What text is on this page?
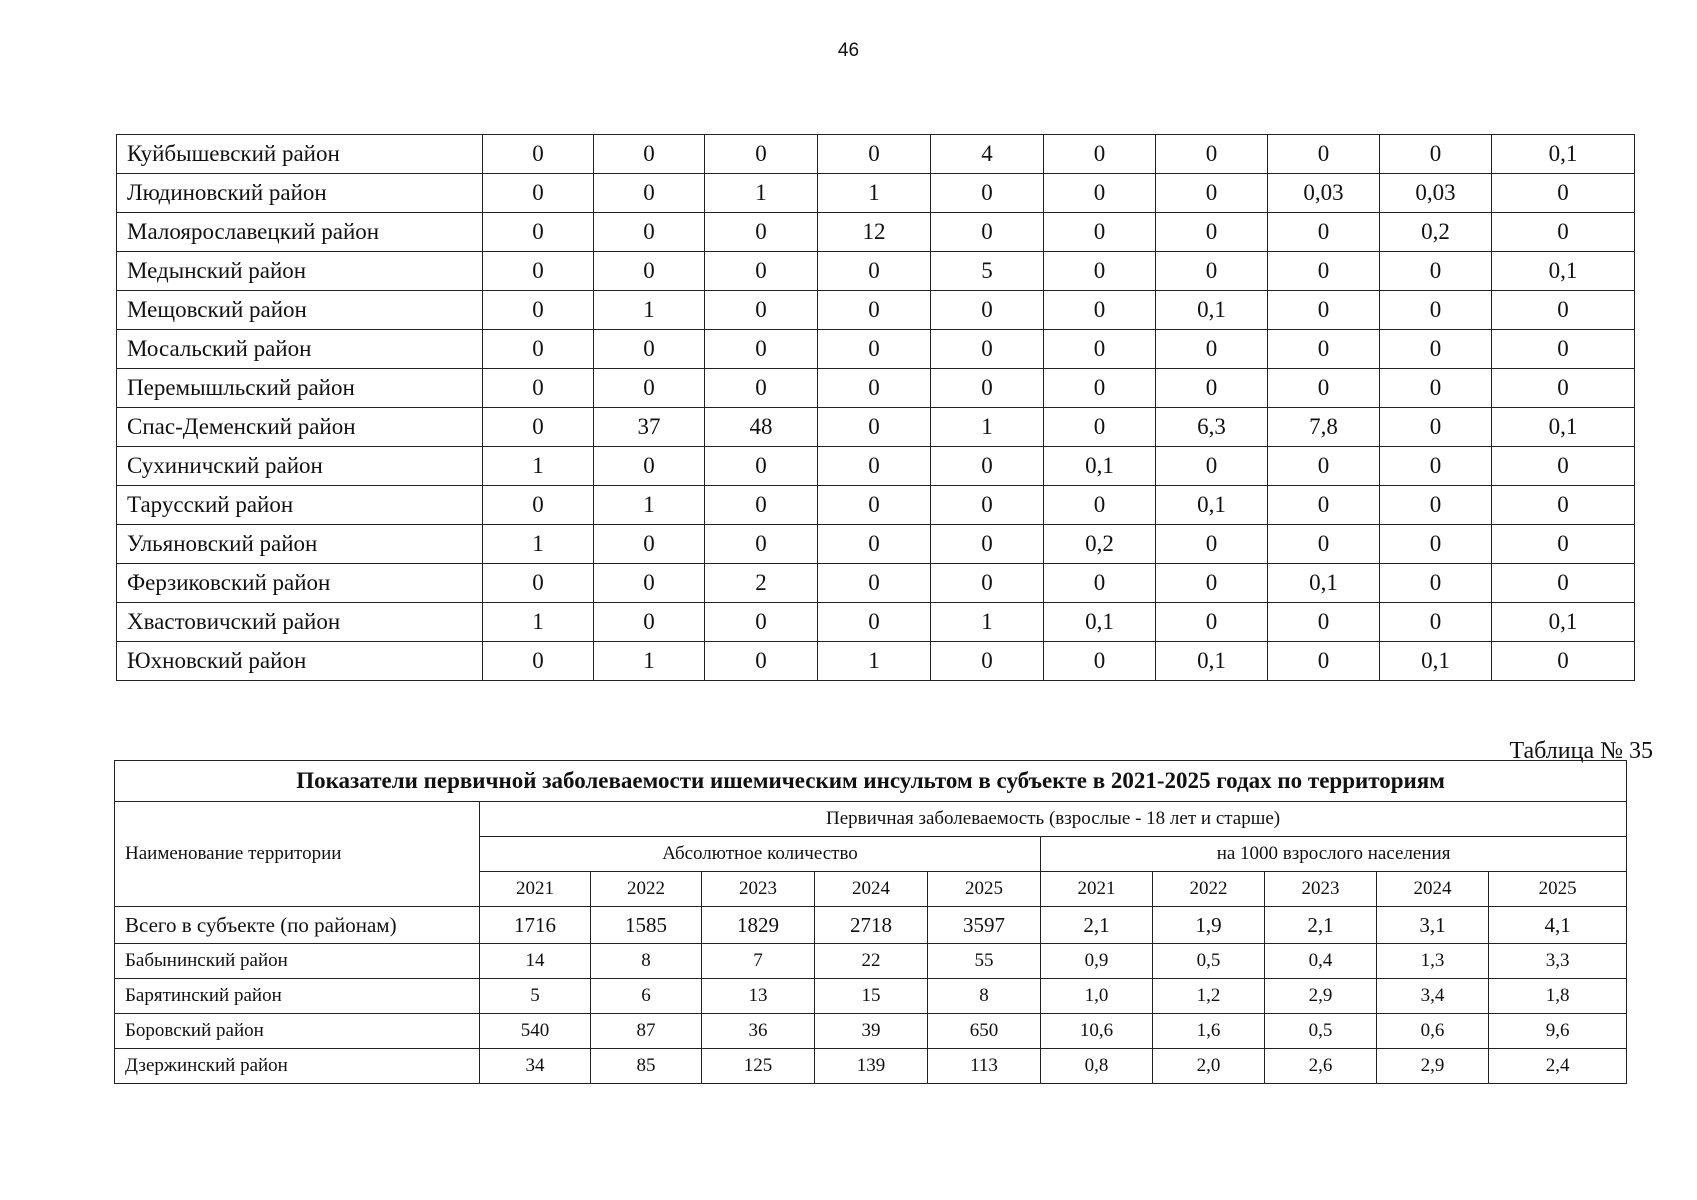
46
Куйбышевский район	0	0	0	0	4	0	0	0	0	0,1
Людиновский район	0	0	1	1	0	0	0	0,03	0,03	0
Малоярославецкий район	0	0	0	12	0	0	0	0	0,2	0
Медынский район	0	0	0	0	5	0	0	0	0	0,1
Мещовский район	0	1	0	0	0	0	0,1	0	0	0
Мосальский район	0	0	0	0	0	0	0	0	0	0
Перемышльский район	0	0	0	0	0	0	0	0	0	0
Спас-Деменский район	0	37	48	0	1	0	6,3	7,8	0	0,1
Сухиничский район	1	0	0	0	0	0,1	0	0	0	0
Тарусский район	0	1	0	0	0	0	0,1	0	0	0
Ульяновский район	1	0	0	0	0	0,2	0	0	0	0
Ферзиковский район	0	0	2	0	0	0	0	0,1	0	0
Хвастовичский район	1	0	0	0	1	0,1	0	0	0	0,1
Юхновский район	0	1	0	1	0	0	0,1	0	0,1	0
Таблица № 35
Показатели первичной заболеваемости ишемическим инсультом в субъекте в 2021-2025 годах по территориям										
Наименование территории	Первичная заболеваемость (взрослые - 18 лет и старше)									
	Абсолютное количество					на 1000 взрослого населения				
	2021	2022	2023	2024	2025	2021	2022	2023	2024	2025
Всего в субъекте (по районам)	1716	1585	1829	2718	3597	2,1	1,9	2,1	3,1	4,1
Бабынинский район	14	8	7	22	55	0,9	0,5	0,4	1,3	3,3
Барятинский район	5	6	13	15	8	1,0	1,2	2,9	3,4	1,8
Боровский район	540	87	36	39	650	10,6	1,6	0,5	0,6	9,6
Дзержинский район	34	85	125	139	113	0,8	2,0	2,6	2,9	2,4
